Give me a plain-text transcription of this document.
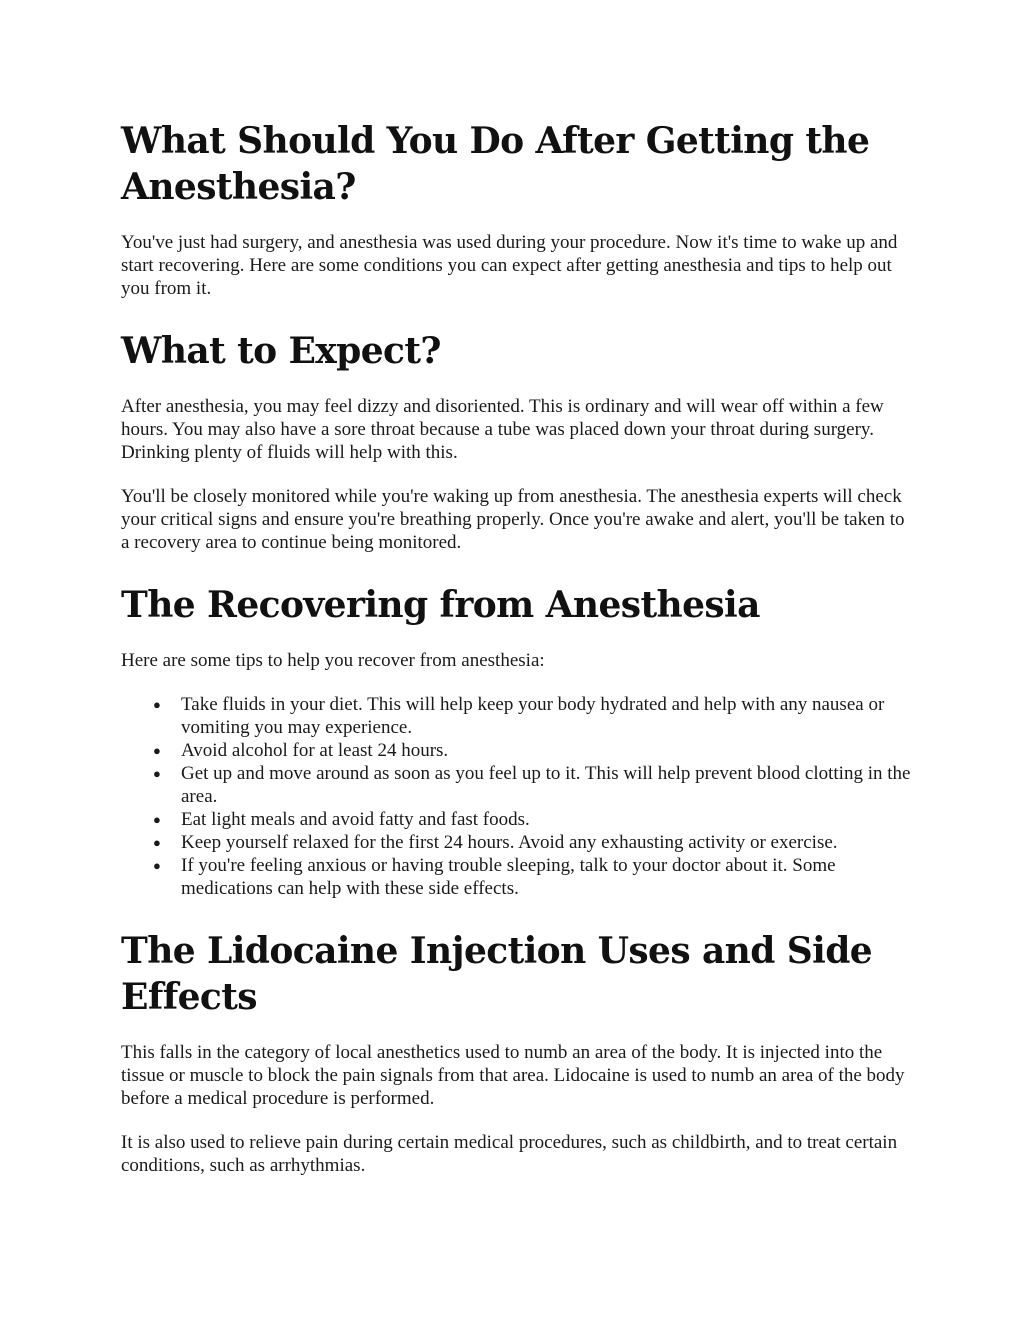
What Should You Do After Getting the Anesthesia?

You've just had surgery, and anesthesia was used during your procedure. Now it's time to wake up and start recovering. Here are some conditions you can expect after getting anesthesia and tips to help out you from it.

What to Expect?

After anesthesia, you may feel dizzy and disoriented. This is ordinary and will wear off within a few hours. You may also have a sore throat because a tube was placed down your throat during surgery. Drinking plenty of fluids will help with this.

You'll be closely monitored while you're waking up from anesthesia. The anesthesia experts will check your critical signs and ensure you're breathing properly. Once you're awake and alert, you'll be taken to a recovery area to continue being monitored.

The Recovering from Anesthesia

Here are some tips to help you recover from anesthesia:

● Take fluids in your diet. This will help keep your body hydrated and help with any nausea or vomiting you may experience.
● Avoid alcohol for at least 24 hours.
● Get up and move around as soon as you feel up to it. This will help prevent blood clotting in the area.
● Eat light meals and avoid fatty and fast foods.
● Keep yourself relaxed for the first 24 hours. Avoid any exhausting activity or exercise.
● If you're feeling anxious or having trouble sleeping, talk to your doctor about it. Some medications can help with these side effects.
The Lidocaine Injection Uses and Side Effects

This falls in the category of local anesthetics used to numb an area of the body. It is injected into the tissue or muscle to block the pain signals from that area. Lidocaine is used to numb an area of the body before a medical procedure is performed.

It is also used to relieve pain during certain medical procedures, such as childbirth, and to treat certain conditions, such as arrhythmias.
